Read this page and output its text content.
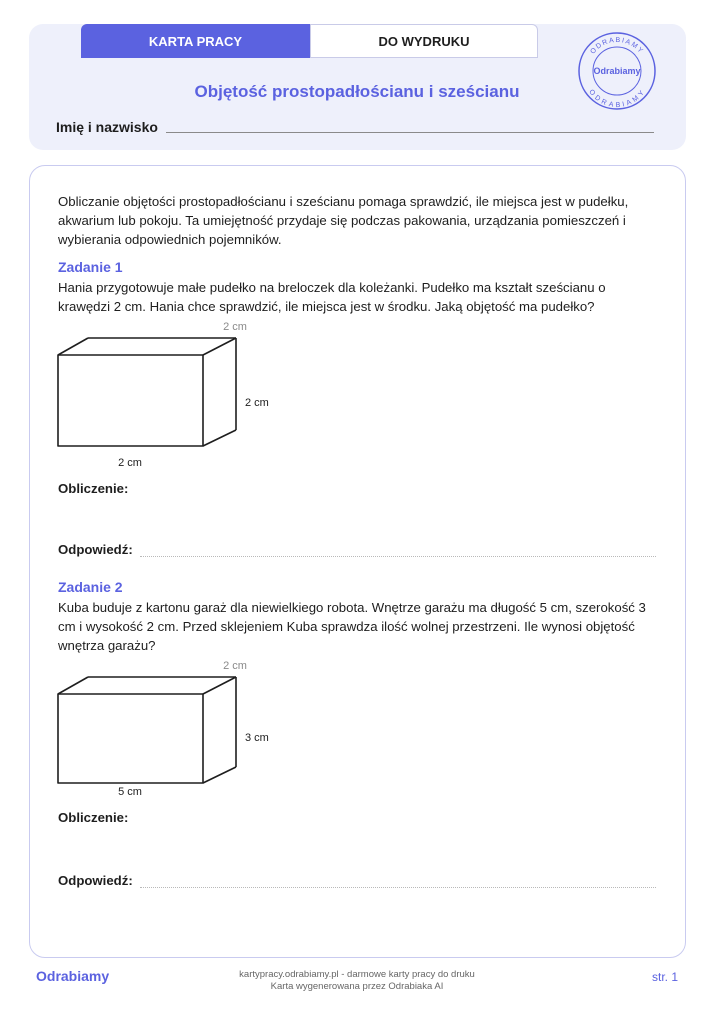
KARTA PRACY	DO WYDRUKU
Objętość prostopadłościanu i sześcianu
Imię i nazwisko
ODRABIAMY
ODRABIAMY
Odrabiamy

Obliczanie objętości prostopadłościanu i sześcianu pomaga sprawdzić, ile miejsca jest w pudełku, akwarium lub pokoju. Ta umiejętność przydaje się podczas pakowania, urządzania pomieszczeń i wybierania odpowiednich pojemników.

Zadanie 1

Hania przygotowuje małe pudełko na breloczek dla koleżanki. Pudełko ma kształt sześcianu o krawędzi 2 cm. Hania chce sprawdzić, ile miejsca jest w środku. Jaką objętość ma pudełko?

2 cm
2 cm
2 cm
Obliczenie:
Odpowiedź:
Zadanie 2

Kuba buduje z kartonu garaż dla niewielkiego robota. Wnętrze garażu ma długość 5 cm, szerokość 3 cm i wysokość 2 cm. Przed sklejeniem Kuba sprawdza ilość wolnej przestrzeni. Ile wynosi objętość wnętrza garażu?

2 cm
3 cm
5 cm
Obliczenie:
Odpowiedź:
Odrabiamy	kartypracy.odrabiamy.pl - darmowe karty pracy do druku
Karta wygenerowana przez Odrabiaka AI
str. 1
